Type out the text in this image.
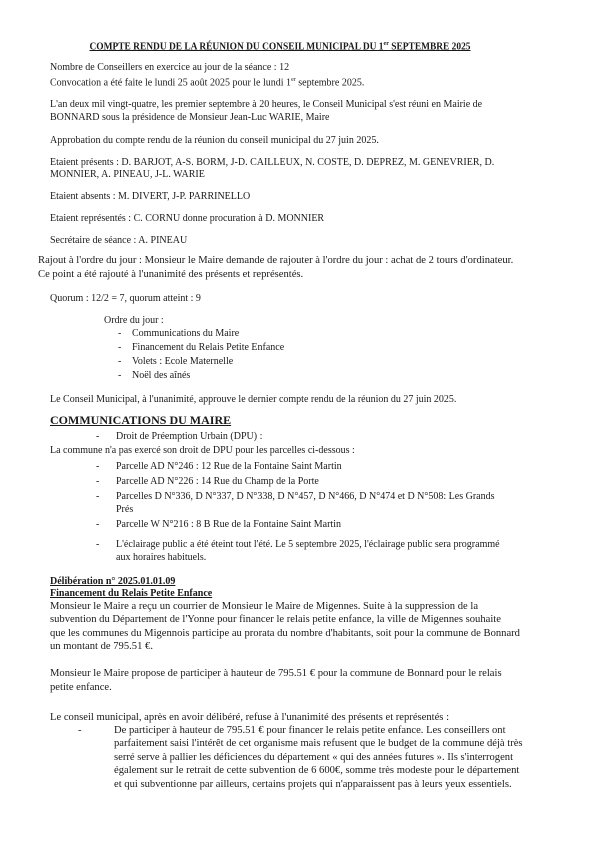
COMPTE RENDU DE LA RÉUNION DU CONSEIL MUNICIPAL DU 1er SEPTEMBRE 2025
Nombre de Conseillers en exercice au jour de la séance : 12
Convocation a été faite le lundi 25 août 2025 pour le lundi 1er septembre 2025.
L'an deux mil vingt-quatre, les premier septembre à 20 heures, le Conseil Municipal s'est réuni en Mairie de
BONNARD sous la présidence de Monsieur Jean-Luc WARIE, Maire
Approbation du compte rendu de la réunion du conseil municipal du 27 juin 2025.
Etaient présents : D. BARJOT, A-S. BORM, J-D. CAILLEUX, N. COSTE, D. DEPREZ, M. GENEVRIER, D.
MONNIER, A. PINEAU, J-L. WARIE
Etaient absents : M. DIVERT, J-P. PARRINELLO
Etaient représentés : C. CORNU donne procuration à D. MONNIER
Secrétaire de séance : A. PINEAU
Rajout à l'ordre du jour : Monsieur le Maire demande de rajouter à l'ordre du jour : achat de 2 tours d'ordinateur.
Ce point a été rajouté à l'unanimité des présents et représentés.
Quorum : 12/2 = 7, quorum atteint : 9
Ordre du jour :
- Communications du Maire
- Financement du Relais Petite Enfance
- Volets : Ecole Maternelle
- Noël des aînés
Le Conseil Municipal, à l'unanimité, approuve le dernier compte rendu de la réunion du 27 juin 2025.
COMMUNICATIONS DU MAIRE
- Droit de Préemption Urbain (DPU) :
La commune n'a pas exercé son droit de DPU pour les parcelles ci-dessous :
- Parcelle AD N°246 : 12 Rue de la Fontaine Saint Martin
- Parcelle AD N°226 : 14 Rue du Champ de la Porte
- Parcelles D N°336, D N°337, D N°338, D N°457, D N°466, D N°474 et D N°508: Les Grands
Prés
- Parcelle W N°216 : 8 B Rue de la Fontaine Saint Martin
- L'éclairage public a été éteint tout l'été. Le 5 septembre 2025, l'éclairage public sera programmé
aux horaires habituels.
Délibération n° 2025.01.01.09
Financement du Relais Petite Enfance
Monsieur le Maire a reçu un courrier de Monsieur le Maire de Migennes. Suite à la suppression de la
subvention du Département de l'Yonne pour financer le relais petite enfance, la ville de Migennes souhaite
que les communes du Migennois participe au prorata du nombre d'habitants, soit pour la commune de Bonnard
un montant de 795.51 €.
Monsieur le Maire propose de participer à hauteur de 795.51 € pour la commune de Bonnard pour le relais
petite enfance.
Le conseil municipal, après en avoir délibéré, refuse à l'unanimité des présents et représentés :
-	De participer à hauteur de 795.51 € pour financer le relais petite enfance. Les conseillers ont
parfaitement saisi l'intérêt de cet organisme mais refusent que le budget de la commune déjà très
serré serve à pallier les déficiences du département « qui des années futures ». Ils s'interrogent
également sur le retrait de cette subvention de 6 600€, somme très modeste pour le département
et qui subventionne par ailleurs, certains projets qui n'apparaissent pas à leurs yeux essentiels.
